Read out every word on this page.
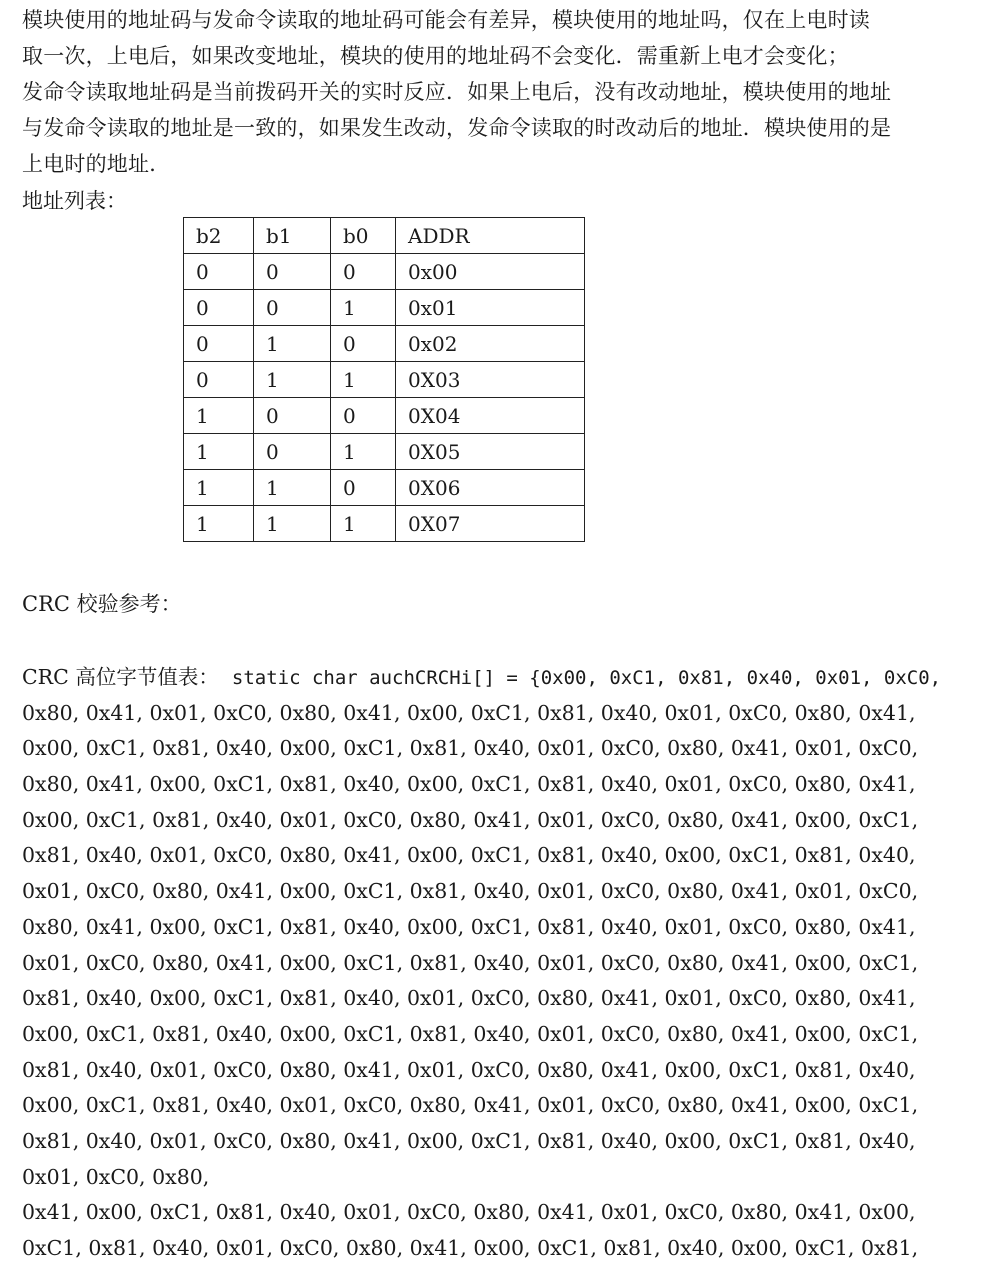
模块使用的地址码与发命令读取的地址码可能会有差异，模块使用的地址吗，仅在上电时读
取一次，上电后，如果改变地址，模块的使用的地址码不会变化．需重新上电才会变化；
发命令读取地址码是当前拨码开关的实时反应．如果上电后，没有改动地址，模块使用的地址
与发命令读取的地址是一致的，如果发生改动，发命令读取的时改动后的地址．模块使用的是
上电时的地址．
地址列表：
b2	b1	b0	ADDR
0	0	0	0x00
0	0	1	0x01
0	1	0	0x02
0	1	1	0X03
1	0	0	0X04
1	0	1	0X05
1	1	0	0X06
1	1	1	0X07
CRC 校验参考：
CRC 高位字节值表： static char auchCRCHi[] = {0x00, 0xC1, 0x81, 0x40, 0x01, 0xC0,
0x80, 0x41, 0x01, 0xC0, 0x80, 0x41, 0x00, 0xC1, 0x81, 0x40, 0x01, 0xC0, 0x80, 0x41,
0x00, 0xC1, 0x81, 0x40, 0x00, 0xC1, 0x81, 0x40, 0x01, 0xC0, 0x80, 0x41, 0x01, 0xC0,
0x80, 0x41, 0x00, 0xC1, 0x81, 0x40, 0x00, 0xC1, 0x81, 0x40, 0x01, 0xC0, 0x80, 0x41,
0x00, 0xC1, 0x81, 0x40, 0x01, 0xC0, 0x80, 0x41, 0x01, 0xC0, 0x80, 0x41, 0x00, 0xC1,
0x81, 0x40, 0x01, 0xC0, 0x80, 0x41, 0x00, 0xC1, 0x81, 0x40, 0x00, 0xC1, 0x81, 0x40,
0x01, 0xC0, 0x80, 0x41, 0x00, 0xC1, 0x81, 0x40, 0x01, 0xC0, 0x80, 0x41, 0x01, 0xC0,
0x80, 0x41, 0x00, 0xC1, 0x81, 0x40, 0x00, 0xC1, 0x81, 0x40, 0x01, 0xC0, 0x80, 0x41,
0x01, 0xC0, 0x80, 0x41, 0x00, 0xC1, 0x81, 0x40, 0x01, 0xC0, 0x80, 0x41, 0x00, 0xC1,
0x81, 0x40, 0x00, 0xC1, 0x81, 0x40, 0x01, 0xC0, 0x80, 0x41, 0x01, 0xC0, 0x80, 0x41,
0x00, 0xC1, 0x81, 0x40, 0x00, 0xC1, 0x81, 0x40, 0x01, 0xC0, 0x80, 0x41, 0x00, 0xC1,
0x81, 0x40, 0x01, 0xC0, 0x80, 0x41, 0x01, 0xC0, 0x80, 0x41, 0x00, 0xC1, 0x81, 0x40,
0x00, 0xC1, 0x81, 0x40, 0x01, 0xC0, 0x80, 0x41, 0x01, 0xC0, 0x80, 0x41, 0x00, 0xC1,
0x81, 0x40, 0x01, 0xC0, 0x80, 0x41, 0x00, 0xC1, 0x81, 0x40, 0x00, 0xC1, 0x81, 0x40,
0x01, 0xC0, 0x80,
0x41, 0x00, 0xC1, 0x81, 0x40, 0x01, 0xC0, 0x80, 0x41, 0x01, 0xC0, 0x80, 0x41, 0x00,
0xC1, 0x81, 0x40, 0x01, 0xC0, 0x80, 0x41, 0x00, 0xC1, 0x81, 0x40, 0x00, 0xC1, 0x81,
